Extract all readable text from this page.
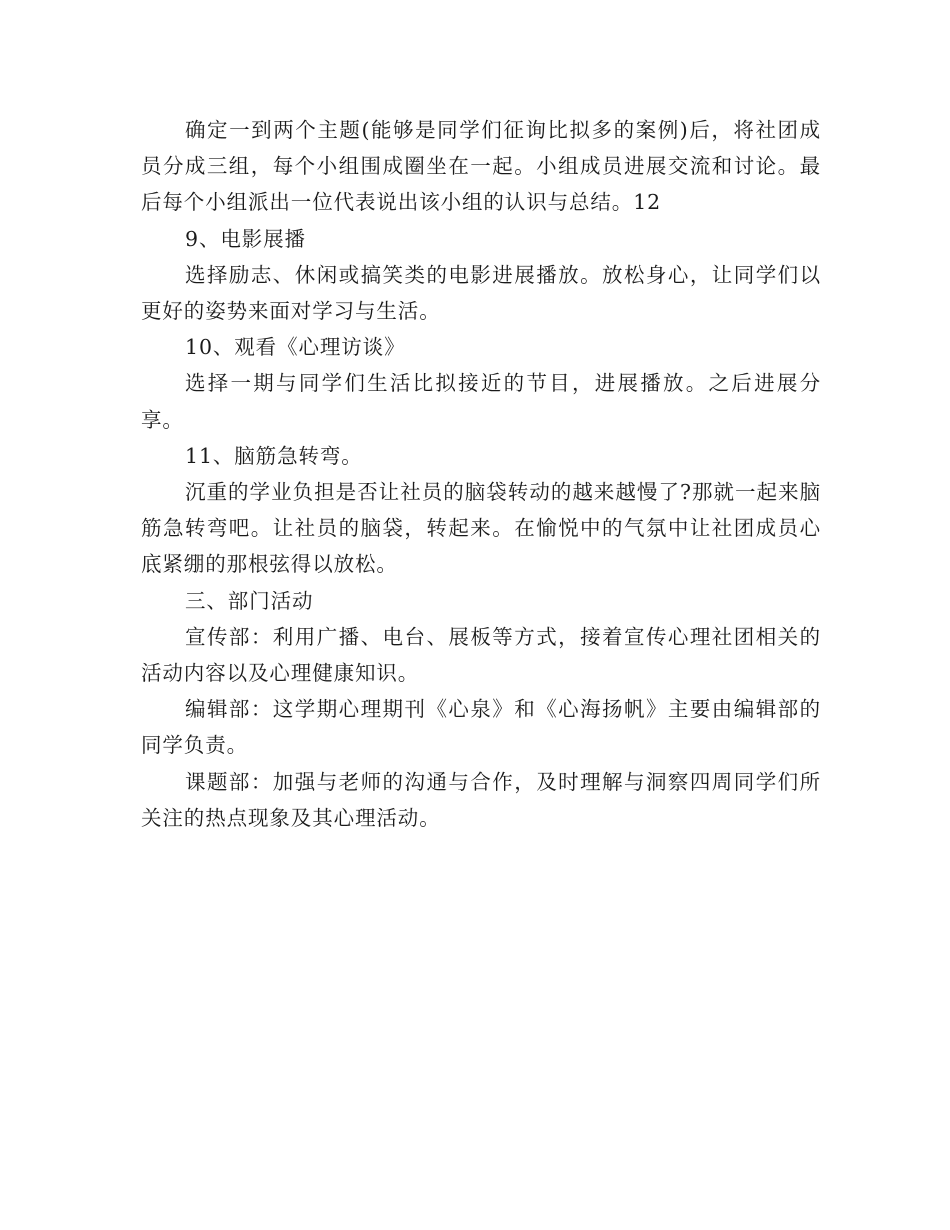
确定一到两个主题(能够是同学们征询比拟多的案例)后，将社团成员分成三组，每个小组围成圈坐在一起。小组成员进展交流和讨论。最后每个小组派出一位代表说出该小组的认识与总结。12

9、电影展播

选择励志、休闲或搞笑类的电影进展播放。放松身心，让同学们以更好的姿势来面对学习与生活。

10、观看《心理访谈》

选择一期与同学们生活比拟接近的节目，进展播放。之后进展分享。

11、脑筋急转弯。

沉重的学业负担是否让社员的脑袋转动的越来越慢了?那就一起来脑筋急转弯吧。让社员的脑袋，转起来。在愉悦中的气氛中让社团成员心底紧绷的那根弦得以放松。

三、部门活动

宣传部：利用广播、电台、展板等方式，接着宣传心理社团相关的活动内容以及心理健康知识。

编辑部：这学期心理期刊《心泉》和《心海扬帆》主要由编辑部的同学负责。

课题部：加强与老师的沟通与合作，及时理解与洞察四周同学们所关注的热点现象及其心理活动。
